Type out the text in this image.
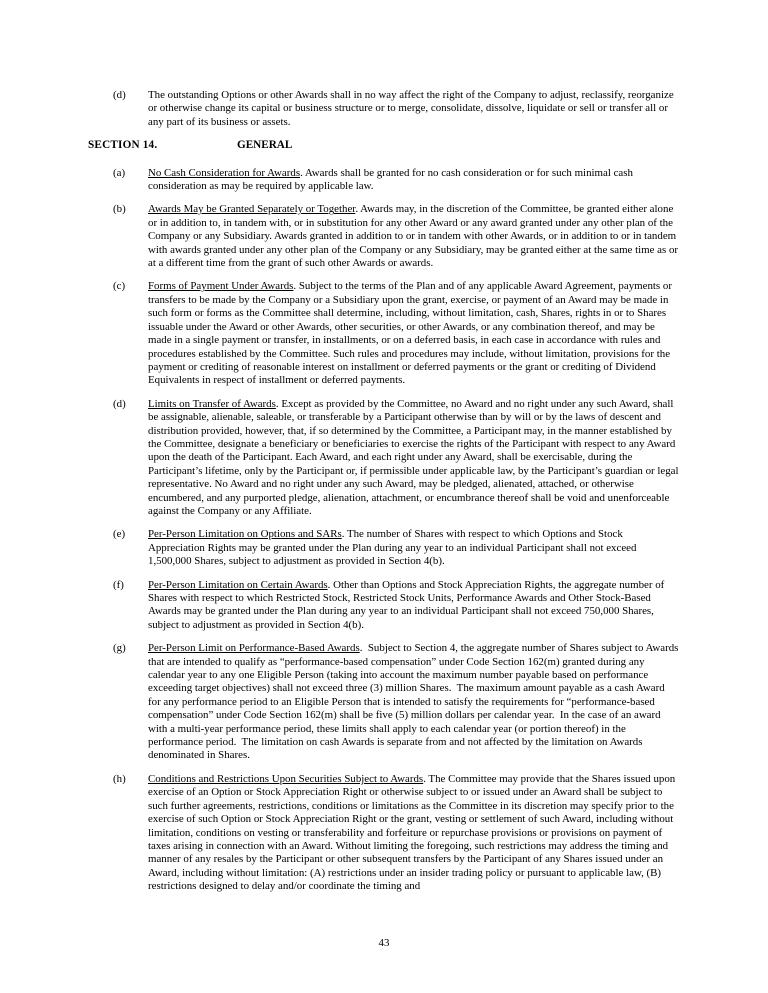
(d)	The outstanding Options or other Awards shall in no way affect the right of the Company to adjust, reclassify, reorganize or otherwise change its capital or business structure or to merge, consolidate, dissolve, liquidate or sell or transfer all or any part of its business or assets.

SECTION 14.	GENERAL
(a)	No Cash Consideration for Awards. Awards shall be granted for no cash consideration or for such minimal cash consideration as may be required by applicable law.

(b)	Awards May be Granted Separately or Together. Awards may, in the discretion of the Committee, be granted either alone or in addition to, in tandem with, or in substitution for any other Award or any award granted under any other plan of the Company or any Subsidiary. Awards granted in addition to or in tandem with other Awards, or in addition to or in tandem with awards granted under any other plan of the Company or any Subsidiary, may be granted either at the same time as or at a different time from the grant of such other Awards or awards.

(c)	Forms of Payment Under Awards. Subject to the terms of the Plan and of any applicable Award Agreement, payments or transfers to be made by the Company or a Subsidiary upon the grant, exercise, or payment of an Award may be made in such form or forms as the Committee shall determine, including, without limitation, cash, Shares, rights in or to Shares issuable under the Award or other Awards, other securities, or other Awards, or any combination thereof, and may be made in a single payment or transfer, in installments, or on a deferred basis, in each case in accordance with rules and procedures established by the Committee. Such rules and procedures may include, without limitation, provisions for the payment or crediting of reasonable interest on installment or deferred payments or the grant or crediting of Dividend Equivalents in respect of installment or deferred payments.

(d)	Limits on Transfer of Awards. Except as provided by the Committee, no Award and no right under any such Award, shall be assignable, alienable, saleable, or transferable by a Participant otherwise than by will or by the laws of descent and distribution provided, however, that, if so determined by the Committee, a Participant may, in the manner established by the Committee, designate a beneficiary or beneficiaries to exercise the rights of the Participant with respect to any Award upon the death of the Participant. Each Award, and each right under any Award, shall be exercisable, during the Participant’s lifetime, only by the Participant or, if permissible under applicable law, by the Participant’s guardian or legal representative. No Award and no right under any such Award, may be pledged, alienated, attached, or otherwise encumbered, and any purported pledge, alienation, attachment, or encumbrance thereof shall be void and unenforceable against the Company or any Affiliate.

(e)	Per-Person Limitation on Options and SARs. The number of Shares with respect to which Options and Stock Appreciation Rights may be granted under the Plan during any year to an individual Participant shall not exceed 1,500,000 Shares, subject to adjustment as provided in Section 4(b).

(f)	Per-Person Limitation on Certain Awards. Other than Options and Stock Appreciation Rights, the aggregate number of Shares with respect to which Restricted Stock, Restricted Stock Units, Performance Awards and Other Stock-Based Awards may be granted under the Plan during any year to an individual Participant shall not exceed 750,000 Shares, subject to adjustment as provided in Section 4(b).

(g)	Per-Person Limit on Performance-Based Awards.  Subject to Section 4, the aggregate number of Shares subject to Awards that are intended to qualify as “performance-based compensation” under Code Section 162(m) granted during any calendar year to any one Eligible Person (taking into account the maximum number payable based on performance exceeding target objectives) shall not exceed three (3) million Shares.  The maximum amount payable as a cash Award for any performance period to an Eligible Person that is intended to satisfy the requirements for “performance-based compensation” under Code Section 162(m) shall be five (5) million dollars per calendar year.  In the case of an award with a multi-year performance period, these limits shall apply to each calendar year (or portion thereof) in the performance period.  The limitation on cash Awards is separate from and not affected by the limitation on Awards denominated in Shares.

(h)	Conditions and Restrictions Upon Securities Subject to Awards. The Committee may provide that the Shares issued upon exercise of an Option or Stock Appreciation Right or otherwise subject to or issued under an Award shall be subject to such further agreements, restrictions, conditions or limitations as the Committee in its discretion may specify prior to the exercise of such Option or Stock Appreciation Right or the grant, vesting or settlement of such Award, including without limitation, conditions on vesting or transferability and forfeiture or repurchase provisions or provisions on payment of taxes arising in connection with an Award. Without limiting the foregoing, such restrictions may address the timing and manner of any resales by the Participant or other subsequent transfers by the Participant of any Shares issued under an Award, including without limitation: (A) restrictions under an insider trading policy or pursuant to applicable law, (B) restrictions designed to delay and/or coordinate the timing and

43
